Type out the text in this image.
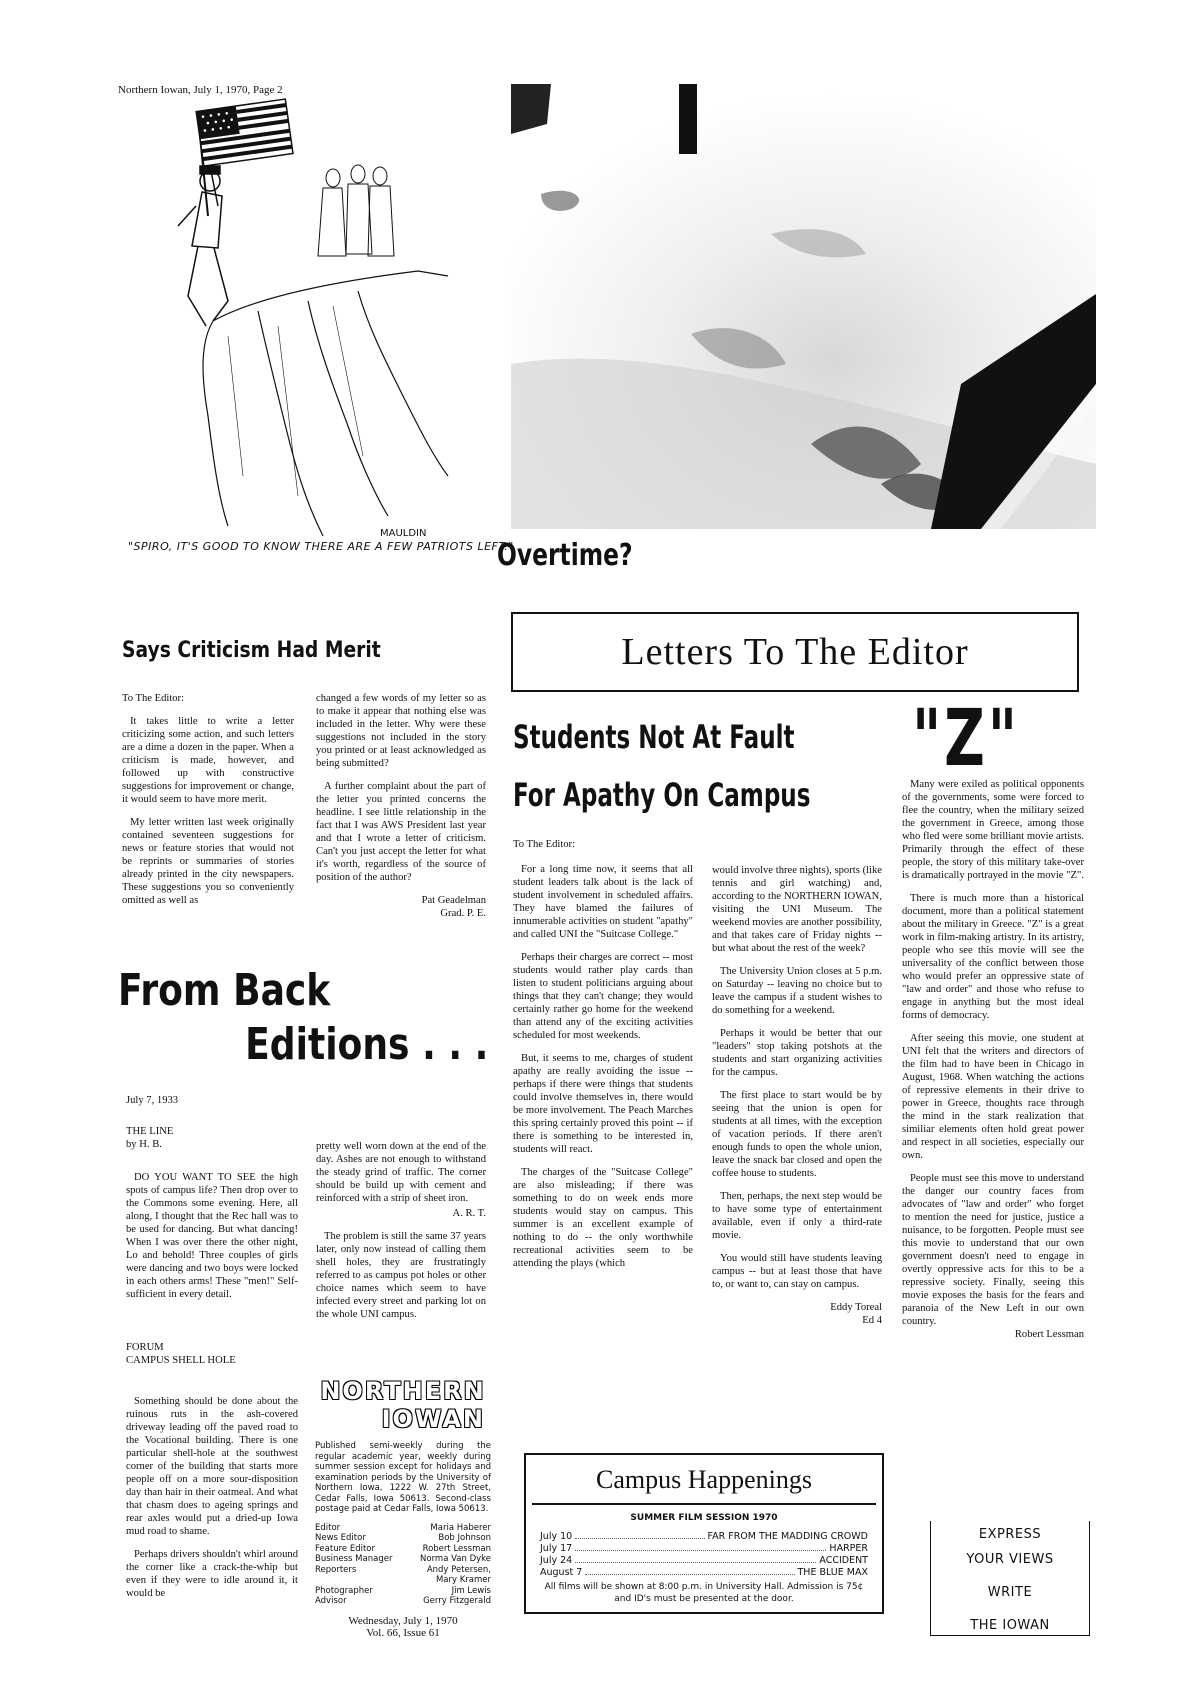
Northern Iowan, July 1, 1970, Page 2
MAULDIN
"SPIRO, IT'S GOOD TO KNOW THERE ARE A FEW PATRIOTS LEFT."
Overtime?
Says Criticism Had Merit

To The Editor:

It takes little to write a letter criticizing some action, and such letters are a dime a dozen in the paper. When a criticism is made, however, and followed up with constructive suggestions for improvement or change, it would seem to have more merit.

My letter written last week originally contained seventeen suggestions for news or feature stories that would not be reprints or summaries of stories already printed in the city newspapers. These suggestions you so conveniently omitted as well as

changed a few words of my letter so as to make it appear that nothing else was included in the letter. Why were these suggestions not included in the story you printed or at least acknowledged as being submitted?

A further complaint about the part of the letter you printed concerns the headline. I see little relationship in the fact that I was AWS President last year and that I wrote a letter of criticism. Can't you just accept the letter for what it's worth, regardless of the source of position of the author?

Pat Geadelman

Grad. P. E.

Letters To The Editor
Students Not At Fault
For Apathy On Campus

To The Editor:

For a long time now, it seems that all student leaders talk about is the lack of student involvement in scheduled affairs. They have blamed the failures of innumerable activities on student "apathy" and called UNI the "Suitcase College."

Perhaps their charges are correct -- most students would rather play cards than listen to student politicians arguing about things that they can't change; they would certainly rather go home for the weekend than attend any of the exciting activities scheduled for most weekends.

But, it seems to me, charges of student apathy are really avoiding the issue -- perhaps if there were things that students could involve themselves in, there would be more involvement. The Peach Marches this spring certainly proved this point -- if there is something to be interested in, students will react.

The charges of the "Suitcase College" are also misleading; if there was something to do on week ends more students would stay on campus. This summer is an excellent example of nothing to do -- the only worthwhile recreational activities seem to be attending the plays (which

would involve three nights), sports (like tennis and girl watching) and, according to the NORTHERN IOWAN, visiting the UNI Museum. The weekend movies are another possibility, and that takes care of Friday nights -- but what about the rest of the week?

The University Union closes at 5 p.m. on Saturday -- leaving no choice but to leave the campus if a student wishes to do something for a weekend.

Perhaps it would be better that our "leaders" stop taking potshots at the students and start organizing activities for the campus.

The first place to start would be by seeing that the union is open for students at all times, with the exception of vacation periods. If there aren't enough funds to open the whole union, leave the snack bar closed and open the coffee house to students.

Then, perhaps, the next step would be to have some type of entertainment available, even if only a third-rate movie.

You would still have students leaving campus -- but at least those that have to, or want to, can stay on campus.

Eddy Toreal

Ed 4

"Z"

Many were exiled as political opponents of the governments, some were forced to flee the country, when the military seized the government in Greece, among those who fled were some brilliant movie artists. Primarily through the effect of these people, the story of this military take-over is dramatically portrayed in the movie "Z".

There is much more than a historical document, more than a political statement about the military in Greece. "Z" is a great work in film-making artistry. In its artistry, people who see this movie will see the universality of the conflict between those who would prefer an oppressive state of "law and order" and those who refuse to engage in anything but the most ideal forms of democracy.

After seeing this movie, one student at UNI felt that the writers and directors of the film had to have been in Chicago in August, 1968. When watching the actions of repressive elements in their drive to power in Greece, thoughts race through the mind in the stark realization that similiar elements often hold great power and respect in all societies, especially our own.

People must see this move to understand the danger our country faces from advocates of "law and order" who forget to mention the need for justice, justice a nuisance, to be forgotten. People must see this movie to understand that our own government doesn't need to engage in overtly oppressive acts for this to be a repressive society. Finally, seeing this movie exposes the basis for the fears and paranoia of the New Left in our own country.

Robert Lessman

From Back
Editions . . .

July 7, 1933

THE LINE

by H. B.

DO YOU WANT TO SEE the high spots of campus life? Then drop over to the Commons some evening. Here, all along, I thought that the Rec hall was to be used for dancing. But what dancing! When I was over there the other night, Lo and behold! Three couples of girls were dancing and two boys were locked in each others arms! These "men!" Self-sufficient in every detail.

FORUM

CAMPUS SHELL HOLE

Something should be done about the ruinous ruts in the ash-covered driveway leading off the paved road to the Vocational building. There is one particular shell-hole at the southwest corner of the building that starts more people off on a more sour-disposition day than hair in their oatmeal. And what that chasm does to ageing springs and rear axles would put a dried-up Iowa mud road to shame.

Perhaps drivers shouldn't whirl around the corner like a crack-the-whip but even if they were to idle around it, it would be

pretty well worn down at the end of the day. Ashes are not enough to withstand the steady grind of traffic. The corner should be build up with cement and reinforced with a strip of sheet iron.

A. R. T.

The problem is still the same 37 years later, only now instead of calling them shell holes, they are frustratingly referred to as campus pot holes or other choice names which seem to have infected every street and parking lot on the whole UNI campus.

NORTHERN
IOWAN
Published semi-weekly during the regular academic year, weekly during summer session except for holidays and examination periods by the University of Northern Iowa, 1222 W. 27th Street, Cedar Falls, Iowa 50613. Second-class postage paid at Cedar Falls, Iowa 50613.
Editor	Maria Haberer
News Editor	Bob Johnson
Feature Editor	Robert Lessman
Business Manager	Norma Van Dyke
Reporters	Andy Petersen,
	Mary Kramer
Photographer	Jim Lewis
Advisor	Gerry Fitzgerald
Wednesday, July 1, 1970
Vol. 66, Issue 61
Campus Happenings
SUMMER FILM SESSION 1970
July 10	FAR FROM THE MADDING CROWD
July 17	HARPER
July 24	ACCIDENT
August 7	THE BLUE MAX
All films will be shown at 8:00 p.m. in University Hall. Admission is 75¢ and ID's must be presented at the door.
EXPRESS
YOUR VIEWS
WRITE
THE IOWAN
